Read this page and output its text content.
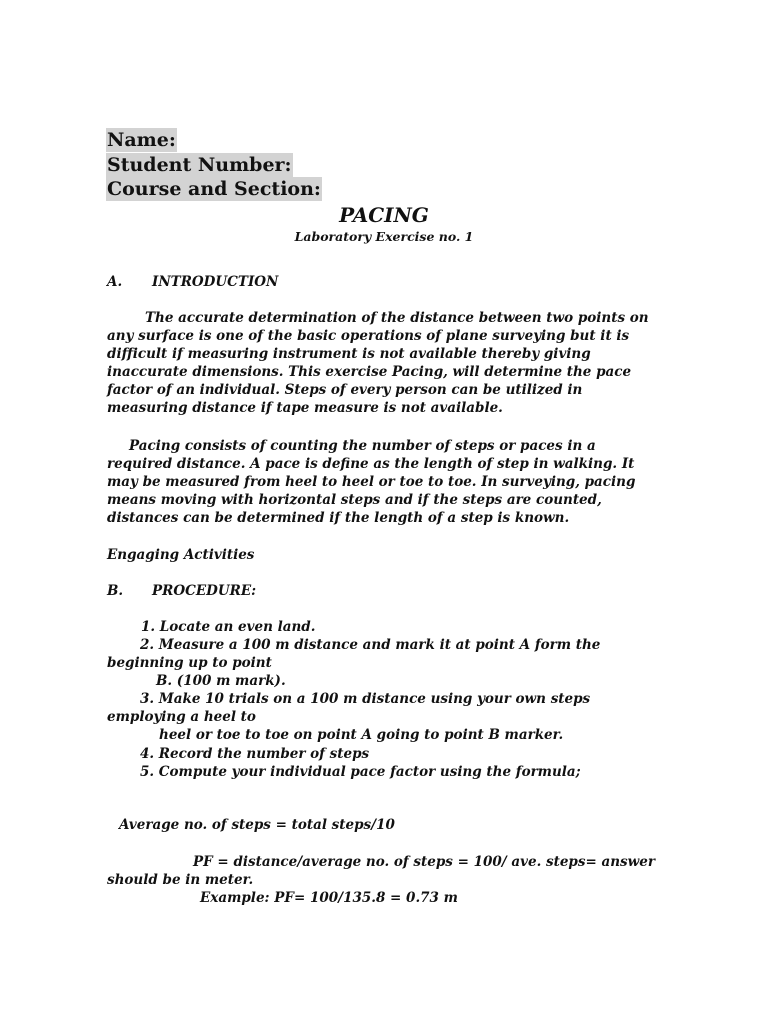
Name:
Student Number:
Course and Section:
PACING
Laboratory Exercise no. 1
A. INTRODUCTION
The accurate determination of the distance between two points on any surface is one of the basic operations of plane surveying but it is difficult if measuring instrument is not available thereby giving inaccurate dimensions. This exercise Pacing, will determine the pace factor of an individual. Steps of every person can be utilized in measuring distance if tape measure is not available.
Pacing consists of counting the number of steps or paces in a required distance. A pace is define as the length of step in walking. It may be measured from heel to heel or toe to toe. In surveying, pacing means moving with horizontal steps and if the steps are counted, distances can be determined if the length of a step is known.
Engaging Activities
B. PROCEDURE:
1. Locate an even land.
2. Measure a 100 m distance and mark it at point A form the beginning up to point
B. (100 m mark).
3. Make 10 trials on a 100 m distance using your own steps employing a heel to
heel or toe to toe on point A going to point B marker.
4. Record the number of steps
5. Compute your individual pace factor using the formula;
Average no. of steps = total steps/10
PF = distance/average no. of steps = 100/ ave. steps= answer should be in meter.
Example: PF= 100/135.8 = 0.73 m
